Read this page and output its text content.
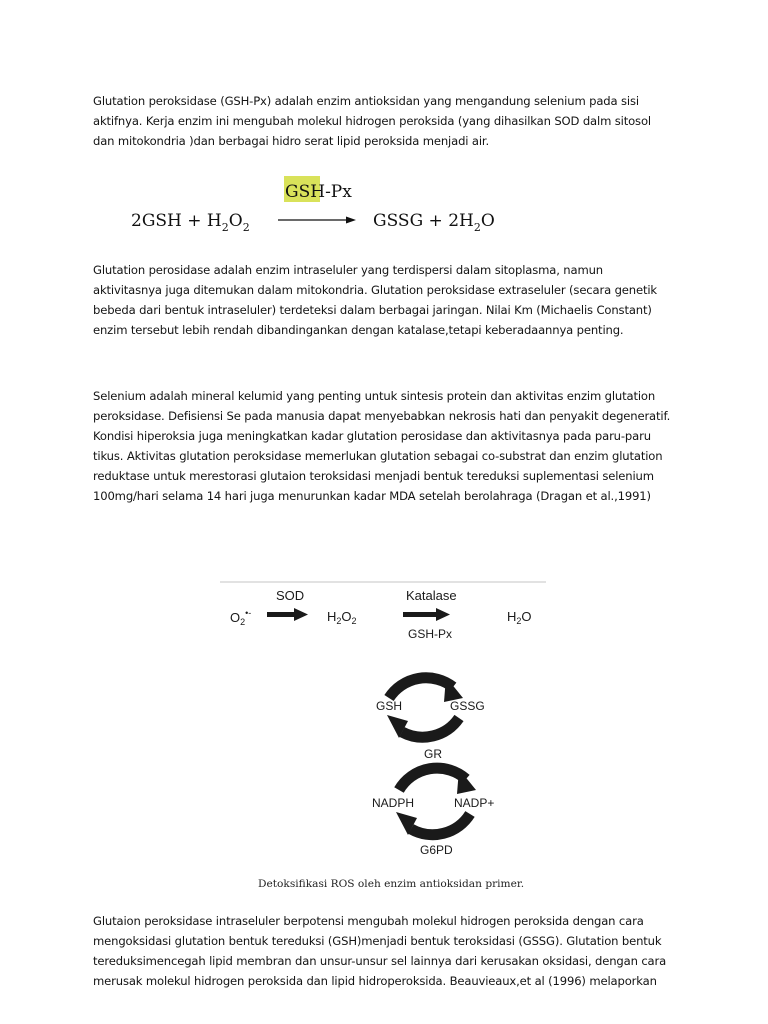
Glutation peroksidase (GSH-Px) adalah enzim antioksidan yang mengandung selenium pada sisi
aktifnya. Kerja enzim ini mengubah molekul hidrogen peroksida (yang dihasilkan SOD dalm sitosol
dan mitokondria )dan berbagai hidro serat lipid peroksida menjadi air.

GSH-Px
$2GSH + H_2O_2$	GSSG + $2H_2O$

Glutation perosidase adalah enzim intraseluler yang terdispersi dalam sitoplasma, namun
aktivitasnya juga ditemukan dalam mitokondria. Glutation peroksidase extraseluler (secara genetik
bebeda dari bentuk intraseluler) terdeteksi dalam berbagai jaringan. Nilai Km (Michaelis Constant)
enzim tersebut lebih rendah dibandingankan dengan katalase,tetapi keberadaannya penting.

Selenium adalah mineral kelumid yang penting untuk sintesis protein dan aktivitas enzim glutation
peroksidase. Defisiensi Se pada manusia dapat menyebabkan nekrosis hati dan penyakit degeneratif.
Kondisi hiperoksia juga meningkatkan kadar glutation perosidase dan aktivitasnya pada paru-paru
tikus. Aktivitas glutation peroksidase memerlukan glutation sebagai co-substrat dan enzim glutation
reduktase untuk merestorasi glutaion teroksidasi menjadi bentuk tereduksi suplementasi selenium
100mg/hari selama 14 hari juga menurunkan kadar MDA setelah berolahraga (Dragan et al.,1991)

SOD	Katalase
$O_2^{•-}$	$H_2O_2$	$H_2O$
GSH-Px
GSH	GSSG
GR
NADPH	NADP+
G6PD

Detoksifikasi ROS oleh enzim antioksidan primer.

Glutaion peroksidase intraseluler berpotensi mengubah molekul hidrogen peroksida dengan cara
mengoksidasi glutation bentuk tereduksi (GSH)menjadi bentuk teroksidasi (GSSG). Glutation bentuk
tereduksimencegah lipid membran dan unsur-unsur sel lainnya dari kerusakan oksidasi, dengan cara
merusak molekul hidrogen peroksida dan lipid hidroperoksida. Beauvieaux,et al (1996) melaporkan
